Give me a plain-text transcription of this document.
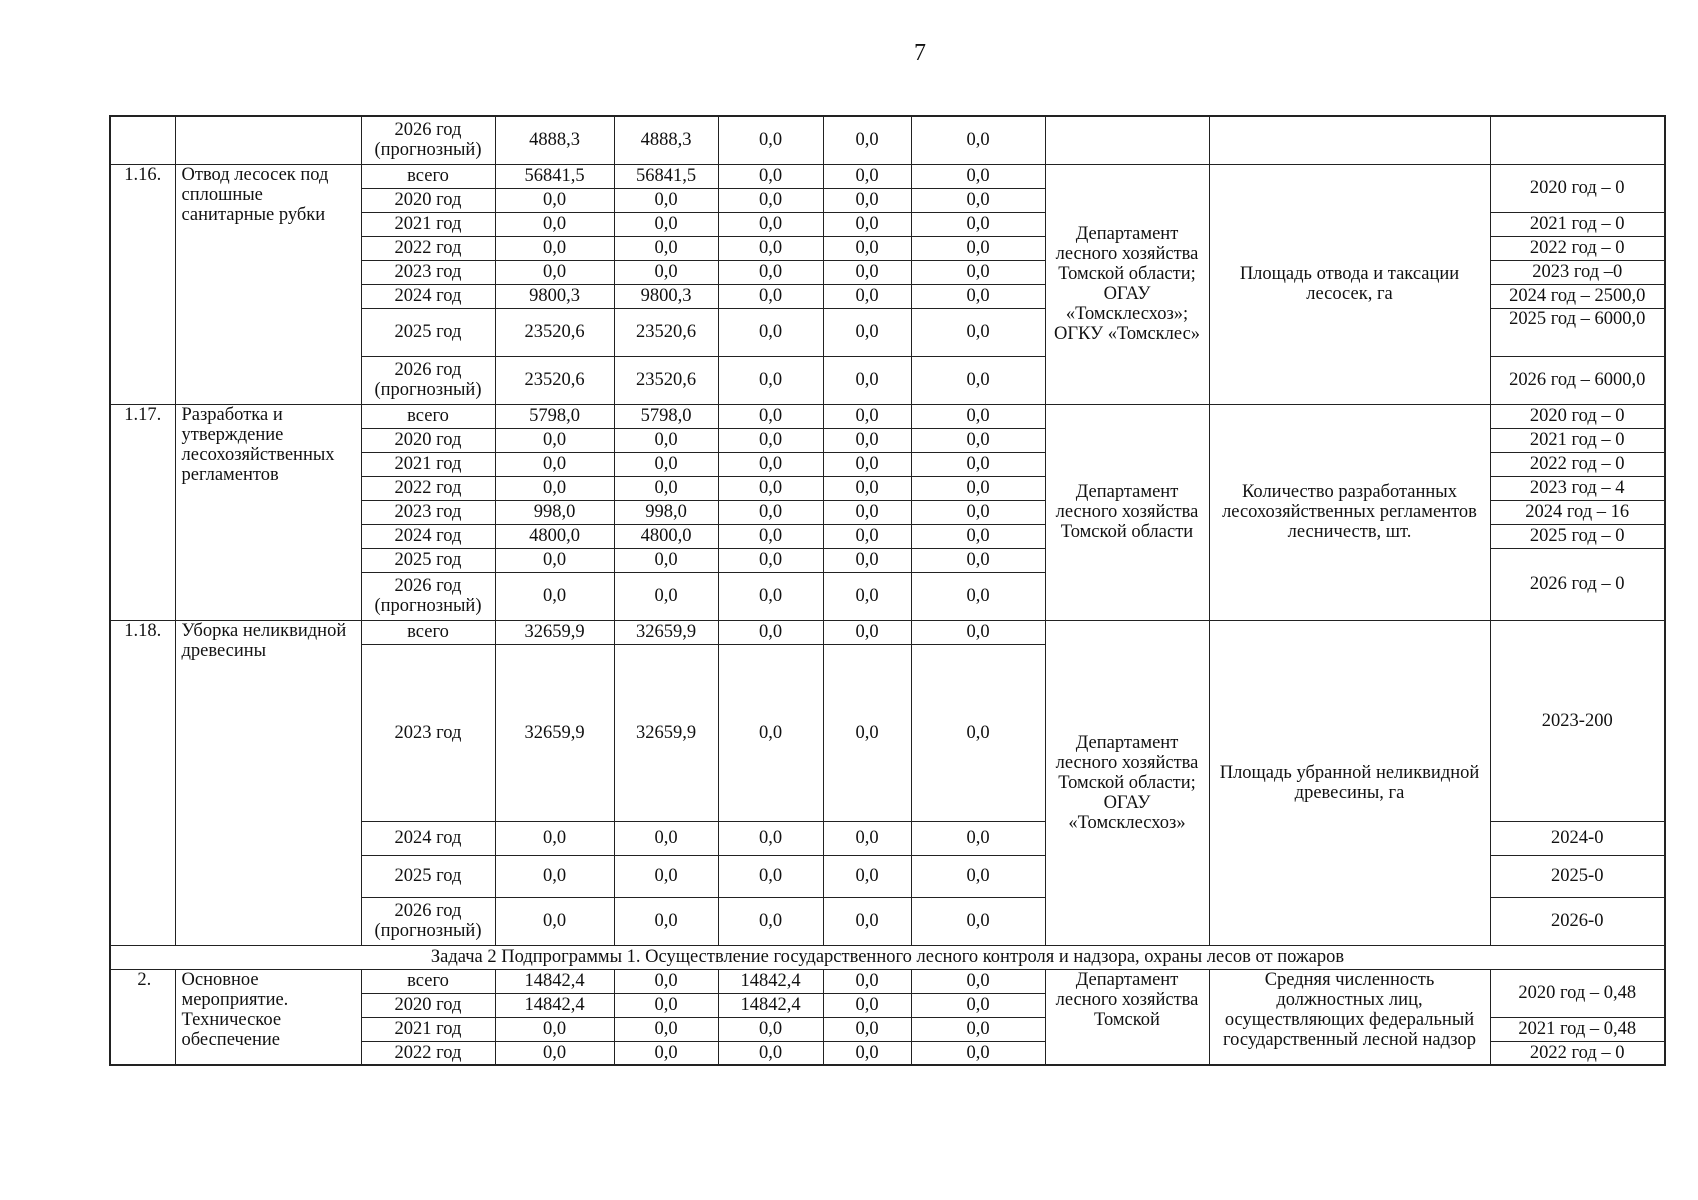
7
		2026 год (прогнозный)	4888,3	4888,3	0,0	0,0	0,0			
1.16.	Отвод лесосек под сплошные санитарные рубки	всего	56841,5	56841,5	0,0	0,0	0,0	Департамент лесного хозяйства Томской области; ОГАУ «Томсклесхоз»; ОГКУ «Томсклес»	Площадь отвода и таксации лесосек, га	2020 год – 0
		2020 год	0,0	0,0	0,0	0,0	0,0			
		2021 год	0,0	0,0	0,0	0,0	0,0			2021 год – 0
		2022 год	0,0	0,0	0,0	0,0	0,0			2022 год – 0
		2023 год	0,0	0,0	0,0	0,0	0,0			2023 год –0
		2024 год	9800,3	9800,3	0,0	0,0	0,0			2024 год – 2500,0
		2025 год	23520,6	23520,6	0,0	0,0	0,0			2025 год – 6000,0
		2026 год (прогнозный)	23520,6	23520,6	0,0	0,0	0,0			2026 год – 6000,0
1.17.	Разработка и утверждение лесохозяйственных регламентов	всего	5798,0	5798,0	0,0	0,0	0,0	Департамент лесного хозяйства Томской области	Количество разработанных лесохозяйственных регламентов лесничеств, шт.	2020 год – 0
		2020 год	0,0	0,0	0,0	0,0	0,0			2021 год – 0
		2021 год	0,0	0,0	0,0	0,0	0,0			2022 год – 0
		2022 год	0,0	0,0	0,0	0,0	0,0			2023 год – 4
		2023 год	998,0	998,0	0,0	0,0	0,0			2024 год – 16
		2024 год	4800,0	4800,0	0,0	0,0	0,0			2025 год – 0
		2025 год	0,0	0,0	0,0	0,0	0,0			2026 год – 0
		2026 год (прогнозный)	0,0	0,0	0,0	0,0	0,0			
1.18.	Уборка неликвидной древесины	всего	32659,9	32659,9	0,0	0,0	0,0	Департамент лесного хозяйства Томской области; ОГАУ «Томсклесхоз»	Площадь убранной неликвидной древесины, га	2023-200
		2023 год	32659,9	32659,9	0,0	0,0	0,0			
		2024 год	0,0	0,0	0,0	0,0	0,0			2024-0
		2025 год	0,0	0,0	0,0	0,0	0,0			2025-0
		2026 год (прогнозный)	0,0	0,0	0,0	0,0	0,0			2026-0
Задача 2 Подпрограммы 1. Осуществление государственного лесного контроля и надзора, охраны лесов от пожаров										
2.	Основное мероприятие. Техническое обеспечение	всего	14842,4	0,0	14842,4	0,0	0,0	Департамент лесного хозяйства Томской	Средняя численность должностных лиц, осуществляющих федеральный государственный лесной надзор	2020 год – 0,48
		2020 год	14842,4	0,0	14842,4	0,0	0,0			
		2021 год	0,0	0,0	0,0	0,0	0,0			2021 год – 0,48
		2022 год	0,0	0,0	0,0	0,0	0,0			2022 год – 0
